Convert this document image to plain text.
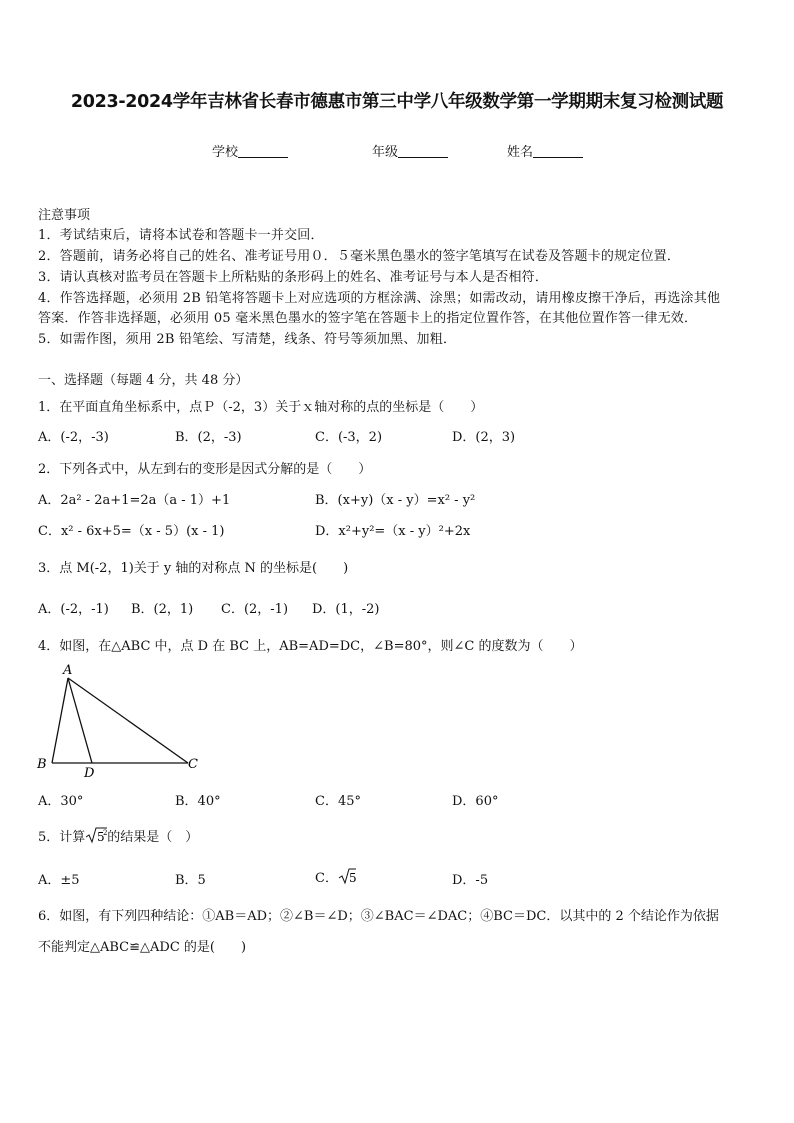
2023-2024学年吉林省长春市德惠市第三中学八年级数学第一学期期末复习检测试题
学校	年级	姓名
注意事项
1．考试结束后，请将本试卷和答题卡一并交回．
2．答题前，请务必将自己的姓名、准考证号用０．５毫米黑色墨水的签字笔填写在试卷及答题卡的规定位置．
3．请认真核对监考员在答题卡上所粘贴的条形码上的姓名、准考证号与本人是否相符．
4．作答选择题，必须用 2B 铅笔将答题卡上对应选项的方框涂满、涂黑；如需改动，请用橡皮擦干净后，再选涂其他
答案．作答非选择题，必须用 05 毫米黑色墨水的签字笔在答题卡上的指定位置作答，在其他位置作答一律无效．
5．如需作图，须用 2B 铅笔绘、写清楚，线条、符号等须加黑、加粗．
一、选择题（每题 4 分，共 48 分）
1．在平面直角坐标系中，点Ｐ（-2，3）关于ｘ轴对称的点的坐标是（　　）
A．(-2，-3)	B．(2，-3)	C．(-3，2)	D．(2，3)
2．下列各式中，从左到右的变形是因式分解的是（　　）
A．2a² - 2a+1=2a（a - 1）+1	B．(x+y)（x - y）=x² - y²
C．x² - 6x+5=（x - 5）(x - 1)	D．x²+y²=（x - y）²+2x
3．点 M(-2，1)关于 y 轴的对称点 N 的坐标是(　　)
A．(-2，-1) B．(2，1) C．(2，-1) D．(1，-2)
4．如图，在△ABC 中，点 D 在 BC 上，AB=AD=DC，∠B=80°，则∠C 的度数为（　　）
A
B
D
C
A．30°	B．40°	C．45°	D．60°
5．计算 5
2 的结果是（　）
A．±5	B．5	C． 5	D．-5
6．如图，有下列四种结论：①AB＝AD；②∠B＝∠D；③∠BAC＝∠DAC；④BC＝DC．以其中的 2 个结论作为依据
不能判定△ABC≌△ADC 的是(　　)
